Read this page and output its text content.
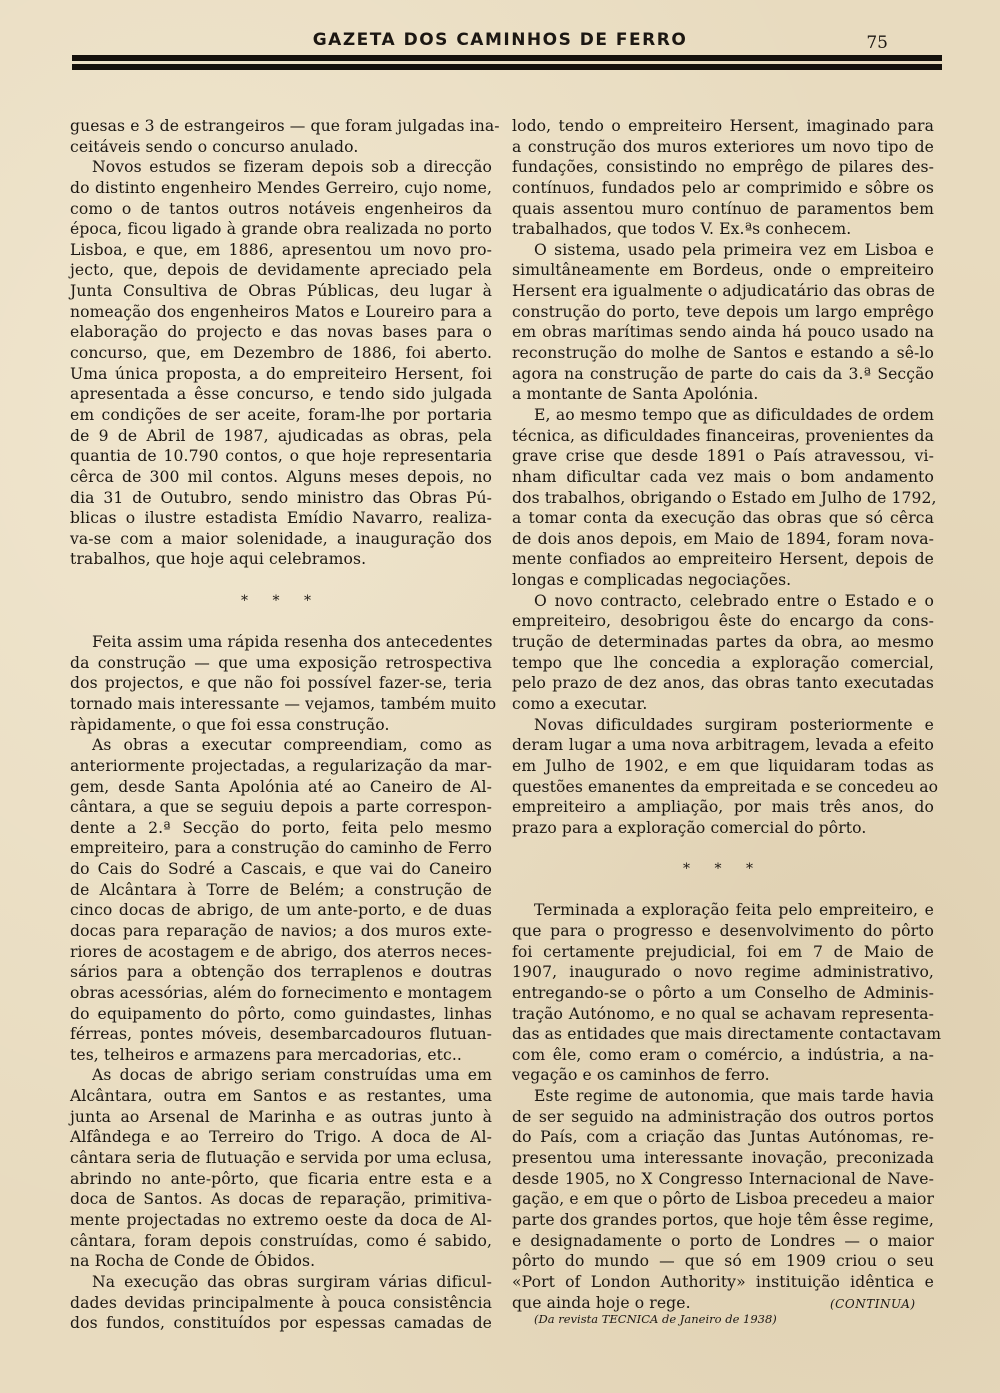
GAZETA DOS CAMINHOS DE FERRO	75
guesas e 3 de estrangeiros — que foram julgadas ina-
ceitáveis sendo o concurso anulado.
Novos estudos se fizeram depois sob a direcção
do distinto engenheiro Mendes Gerreiro, cujo nome,
como o de tantos outros notáveis engenheiros da
época, ficou ligado à grande obra realizada no porto
Lisboa, e que, em 1886, apresentou um novo pro-
jecto, que, depois de devidamente apreciado pela
Junta Consultiva de Obras Públicas, deu lugar à
nomeação dos engenheiros Matos e Loureiro para a
elaboração do projecto e das novas bases para o
concurso, que, em Dezembro de 1886, foi aberto.
Uma única proposta, a do empreiteiro Hersent, foi
apresentada a êsse concurso, e tendo sido julgada
em condições de ser aceite, foram-lhe por portaria
de 9 de Abril de 1987, ajudicadas as obras, pela
quantia de 10.790 contos, o que hoje representaria
cêrca de 300 mil contos. Alguns meses depois, no
dia 31 de Outubro, sendo ministro das Obras Pú-
blicas o ilustre estadista Emídio Navarro, realiza-
va-se com a maior solenidade, a inauguração dos
trabalhos, que hoje aqui celebramos.
* * *
Feita assim uma rápida resenha dos antecedentes
da construção — que uma exposição retrospectiva
dos projectos, e que não foi possível fazer-se, teria
tornado mais interessante — vejamos, também muito
ràpidamente, o que foi essa construção.
As obras a executar compreendiam, como as
anteriormente projectadas, a regularização da mar-
gem, desde Santa Apolónia até ao Caneiro de Al-
cântara, a que se seguiu depois a parte correspon-
dente a 2.ª Secção do porto, feita pelo mesmo
empreiteiro, para a construção do caminho de Ferro
do Cais do Sodré a Cascais, e que vai do Caneiro
de Alcântara à Torre de Belém; a construção de
cinco docas de abrigo, de um ante-porto, e de duas
docas para reparação de navios; a dos muros exte-
riores de acostagem e de abrigo, dos aterros neces-
sários para a obtenção dos terraplenos e doutras
obras acessórias, além do fornecimento e montagem
do equipamento do pôrto, como guindastes, linhas
férreas, pontes móveis, desembarcadouros flutuan-
tes, telheiros e armazens para mercadorias, etc..
As docas de abrigo seriam construídas uma em
Alcântara, outra em Santos e as restantes, uma
junta ao Arsenal de Marinha e as outras junto à
Alfândega e ao Terreiro do Trigo. A doca de Al-
cântara seria de flutuação e servida por uma eclusa,
abrindo no ante-pôrto, que ficaria entre esta e a
doca de Santos. As docas de reparação, primitiva-
mente projectadas no extremo oeste da doca de Al-
cântara, foram depois construídas, como é sabido,
na Rocha de Conde de Óbidos.
Na execução das obras surgiram várias dificul-
dades devidas principalmente à pouca consistência
dos fundos, constituídos por espessas camadas de
lodo, tendo o empreiteiro Hersent, imaginado para
a construção dos muros exteriores um novo tipo de
fundações, consistindo no emprêgo de pilares des-
contínuos, fundados pelo ar comprimido e sôbre os
quais assentou muro contínuo de paramentos bem
trabalhados, que todos V. Ex.ªs conhecem.
O sistema, usado pela primeira vez em Lisboa e
simultâneamente em Bordeus, onde o empreiteiro
Hersent era igualmente o adjudicatário das obras de
construção do porto, teve depois um largo emprêgo
em obras marítimas sendo ainda há pouco usado na
reconstrução do molhe de Santos e estando a sê-lo
agora na construção de parte do cais da 3.ª Secção
a montante de Santa Apolónia.
E, ao mesmo tempo que as dificuldades de ordem
técnica, as dificuldades financeiras, provenientes da
grave crise que desde 1891 o País atravessou, vi-
nham dificultar cada vez mais o bom andamento
dos trabalhos, obrigando o Estado em Julho de 1792,
a tomar conta da execução das obras que só cêrca
de dois anos depois, em Maio de 1894, foram nova-
mente confiados ao empreiteiro Hersent, depois de
longas e complicadas negociações.
O novo contracto, celebrado entre o Estado e o
empreiteiro, desobrigou êste do encargo da cons-
trução de determinadas partes da obra, ao mesmo
tempo que lhe concedia a exploração comercial,
pelo prazo de dez anos, das obras tanto executadas
como a executar.
Novas dificuldades surgiram posteriormente e
deram lugar a uma nova arbitragem, levada a efeito
em Julho de 1902, e em que liquidaram todas as
questões emanentes da empreitada e se concedeu ao
empreiteiro a ampliação, por mais três anos, do
prazo para a exploração comercial do pôrto.
* * *
Terminada a exploração feita pelo empreiteiro, e
que para o progresso e desenvolvimento do pôrto
foi certamente prejudicial, foi em 7 de Maio de
1907, inaugurado o novo regime administrativo,
entregando-se o pôrto a um Conselho de Adminis-
tração Autónomo, e no qual se achavam representa-
das as entidades que mais directamente contactavam
com êle, como eram o comércio, a indústria, a na-
vegação e os caminhos de ferro.
Este regime de autonomia, que mais tarde havia
de ser seguido na administração dos outros portos
do País, com a criação das Juntas Autónomas, re-
presentou uma interessante inovação, preconizada
desde 1905, no X Congresso Internacional de Nave-
gação, e em que o pôrto de Lisboa precedeu a maior
parte dos grandes portos, que hoje têm êsse regime,
e designadamente o porto de Londres — o maior
pôrto do mundo — que só em 1909 criou o seu
«Port of London Authority» instituição idêntica e
que ainda hoje o rege.	(CONTINUA)
(Da revista TECNICA de Janeiro de 1938)
